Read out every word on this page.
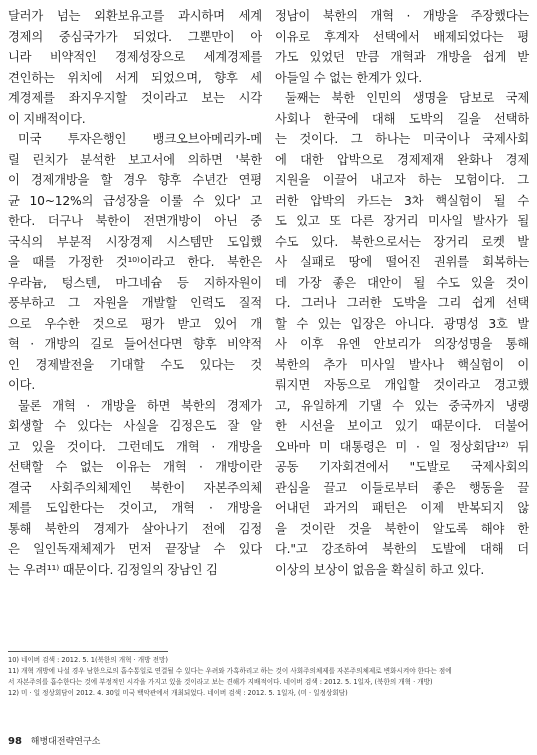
달러가 넘는 외환보유고를 과시하며 세계
경제의 중심국가가 되었다. 그뿐만이 아
니라 비약적인 경제성장으로 세계경제를
견인하는 위치에 서게 되었으며, 향후 세
계경제를 좌지우지할 것이라고 보는 시각
이 지배적이다.
미국 투자은행인 뱅크오브아메리카-메
릴 린치가 분석한 보고서에 의하면 '북한
이 경제개방을 할 경우 향후 수년간 연평
균 10~12%의 급성장을 이룰 수 있다' 고
한다. 더구나 북한이 전면개방이 아닌 중
국식의 부분적 시장경제 시스템만 도입했
을 때를 가정한 것¹⁰⁾이라고 한다. 북한은
우라늄, 텅스텐, 마그네슘 등 지하자원이
풍부하고 그 자원을 개발할 인력도 질적
으로 우수한 것으로 평가 받고 있어 개
혁 · 개방의 길로 들어선다면 향후 비약적
인 경제발전을 기대할 수도 있다는 것
이다.
물론 개혁 · 개방을 하면 북한의 경제가
회생할 수 있다는 사실을 김정은도 잘 알
고 있을 것이다. 그런데도 개혁 · 개방을
선택할 수 없는 이유는 개혁 · 개방이란
결국 사회주의체제인 북한이 자본주의체
제를 도입한다는 것이고, 개혁 · 개방을
통해 북한의 경제가 살아나기 전에 김정
은 일인독재체제가 먼저 끝장날 수 있다
는 우려¹¹⁾ 때문이다. 김정일의 장남인 김
정남이 북한의 개혁 · 개방을 주장했다는
이유로 후계자 선택에서 배제되었다는 평
가도 있었던 만큼 개혁과 개방을 쉽게 받
아들일 수 없는 한계가 있다.
둘째는 북한 인민의 생명을 담보로 국제
사회나 한국에 대해 도박의 길을 선택하
는 것이다. 그 하나는 미국이나 국제사회
에 대한 압박으로 경제제재 완화나 경제
지원을 이끌어 내고자 하는 모험이다. 그
러한 압박의 카드는 3차 핵실험이 될 수
도 있고 또 다른 장거리 미사일 발사가 될
수도 있다. 북한으로서는 장거리 로켓 발
사 실패로 땅에 떨어진 권위를 회복하는
데 가장 좋은 대안이 될 수도 있을 것이
다. 그러나 그러한 도박을 그리 쉽게 선택
할 수 있는 입장은 아니다. 광명성 3호 발
사 이후 유엔 안보리가 의장성명을 통해
북한의 추가 미사일 발사나 핵실험이 이
뤄지면 자동으로 개입할 것이라고 경고했
고, 유일하게 기댈 수 있는 중국까지 냉랭
한 시선을 보이고 있기 때문이다. 더불어
오바마 미 대통령은 미 · 일 정상회담¹²⁾ 뒤
공동 기자회견에서 "도발로 국제사회의
관심을 끌고 이들로부터 좋은 행동을 끌
어내던 과거의 패턴은 이제 반복되지 않
을 것이란 것을 북한이 알도록 해야 한
다."고 강조하여 북한의 도발에 대해 더
이상의 보상이 없음을 확실히 하고 있다.
10) 네이버 검색 : 2012. 5. 1(북한의 개혁 · 개방 전망)
11) 개혁 개방에 나설 경우 남한으로의 흡수통일로 연결될 수 있다는 우려와 가혹하리고 하는 것이 사회주의체제를 자본주의체제로 변화시켜야 한다는 점에
서 자본주의를 흡수한다는 것에 부정적인 시각을 가지고 있을 것이라고 보는 견해가 지배적이다. 네이버 검색 : 2012. 5. 1일자, (북한의 개혁 · 개방)
12) 미 · 일 정상회담이 2012. 4. 30일 미국 백악관에서 개최되었다. 네이버 검색 : 2012. 5. 1일자, (미 · 일정상회담)
98 해병대전략연구소
